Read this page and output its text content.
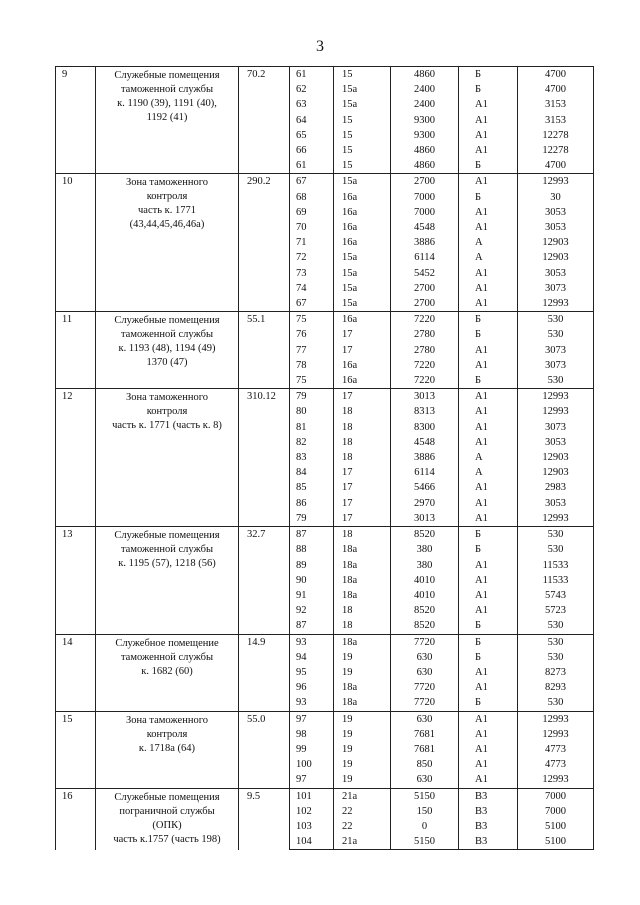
3
9	Служебные помещения
таможенной службы
к. 1190 (39), 1191 (40),
1192 (41)	70.2	61	15	4860	Б	4700
			62	15а	2400	Б	4700
			63	15а	2400	А1	3153
			64	15	9300	А1	3153
			65	15	9300	А1	12278
			66	15	4860	А1	12278
			61	15	4860	Б	4700
10	Зона таможенного
контроля
часть к. 1771
(43,44,45,46,46а)	290.2	67	15а	2700	А1	12993
			68	16а	7000	Б	30
			69	16а	7000	А1	3053
			70	16а	4548	А1	3053
			71	16а	3886	А	12903
			72	15а	6114	А	12903
			73	15а	5452	А1	3053
			74	15а	2700	А1	3073
			67	15а	2700	А1	12993
11	Служебные помещения
таможенной службы
к. 1193 (48), 1194 (49)
1370 (47)	55.1	75	16а	7220	Б	530
			76	17	2780	Б	530
			77	17	2780	А1	3073
			78	16а	7220	А1	3073
			75	16а	7220	Б	530
12	Зона таможенного
контроля
часть к. 1771 (часть к. 8)	310.12	79	17	3013	А1	12993
			80	18	8313	А1	12993
			81	18	8300	А1	3073
			82	18	4548	А1	3053
			83	18	3886	А	12903
			84	17	6114	А	12903
			85	17	5466	А1	2983
			86	17	2970	А1	3053
			79	17	3013	А1	12993
13	Служебные помещения
таможенной службы
к. 1195 (57), 1218 (56)	32.7	87	18	8520	Б	530
			88	18а	380	Б	530
			89	18а	380	А1	11533
			90	18а	4010	А1	11533
			91	18а	4010	А1	5743
			92	18	8520	А1	5723
			87	18	8520	Б	530
14	Служебное помещение
таможенной службы
к. 1682 (60)	14.9	93	18а	7720	Б	530
			94	19	630	Б	530
			95	19	630	А1	8273
			96	18а	7720	А1	8293
			93	18а	7720	Б	530
15	Зона таможенного
контроля
к. 1718а (64)	55.0	97	19	630	А1	12993
			98	19	7681	А1	12993
			99	19	7681	А1	4773
			100	19	850	А1	4773
			97	19	630	А1	12993
16	Служебные помещения
пограничной службы
(ОПК)
часть к.1757 (часть 198)	9.5	101	21а	5150	В3	7000
			102	22	150	В3	7000
			103	22	0	В3	5100
			104	21а	5150	В3	5100
